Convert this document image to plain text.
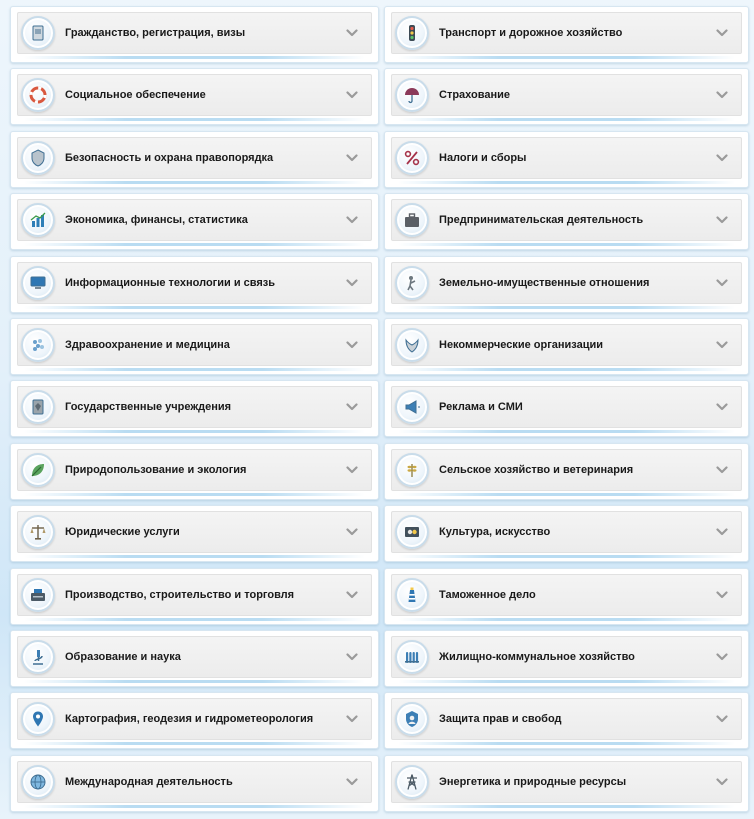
Гражданство, регистрация, визы	Транспорт и дорожное хозяйство
Социальное обеспечение	Страхование
Безопасность и охрана правопорядка	Налоги и сборы
Экономика, финансы, статистика	Предпринимательская деятельность
Информационные технологии и связь	Земельно-имущественные отношения
Здравоохранение и медицина	Некоммерческие организации
Государственные учреждения	Реклама и СМИ
Природопользование и экология	Сельское хозяйство и ветеринария
Юридические услуги	Культура, искусство
Производство, строительство и торговля	Таможенное дело
Образование и наука	Жилищно-коммунальное хозяйство
Картография, геодезия и гидрометеорология	Защита прав и свобод
Международная деятельность	Энергетика и природные ресурсы
